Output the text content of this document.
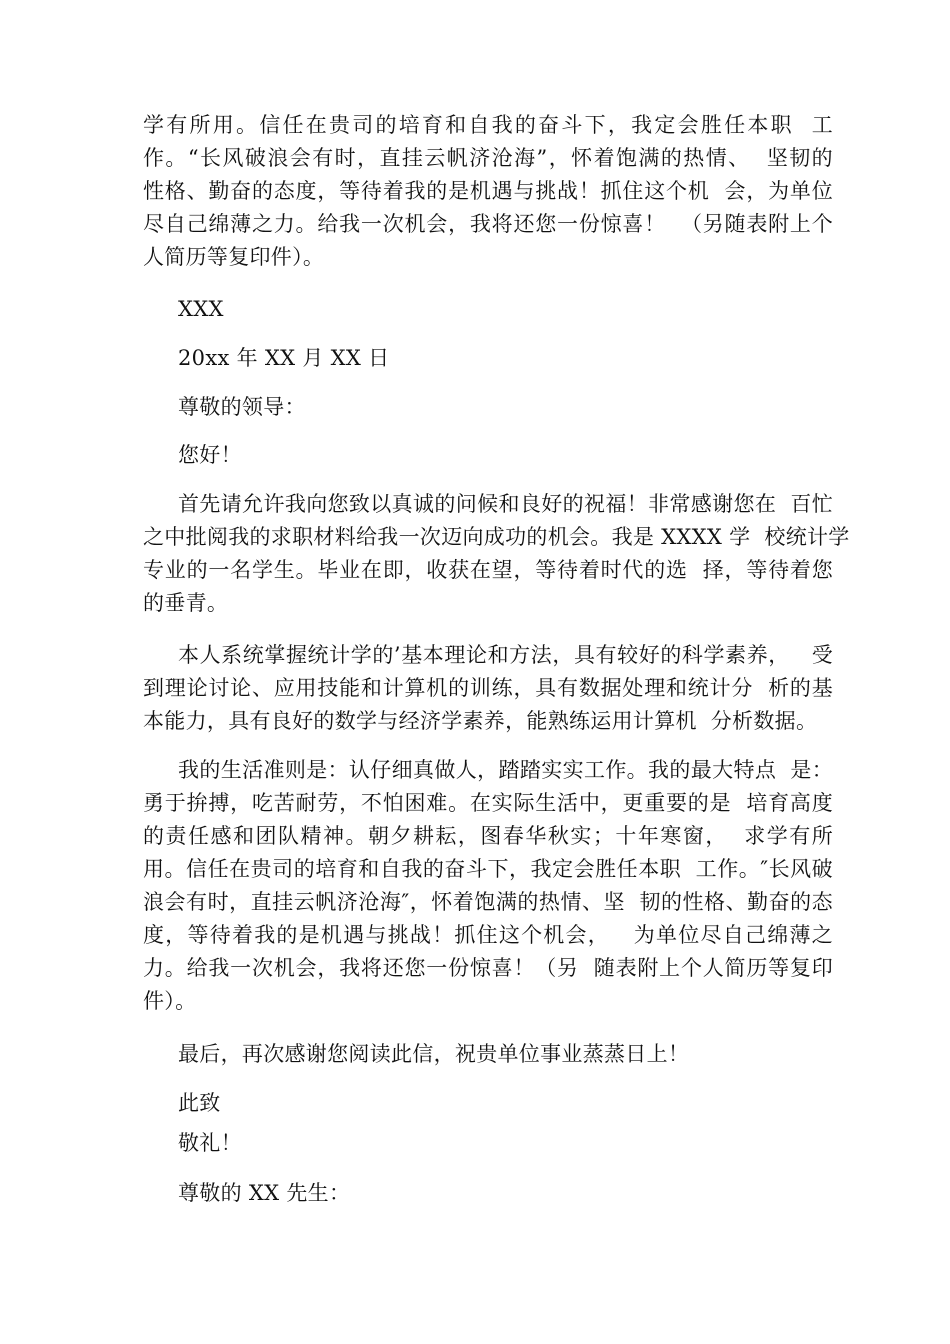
学有所用。信任在贵司的培育和自我的奋斗下，我定会胜任本职  工
作。“长风破浪会有时，直挂云帆济沧海”，怀着饱满的热情、  坚韧的
性格、勤奋的态度，等待着我的是机遇与挑战！抓住这个机  会，为单位
尽自己绵薄之力。给我一次机会，我将还您一份惊喜！  （另随表附上个
人简历等复印件）。
XXX
20xx 年 XX 月 XX 日
尊敬的领导：
您好！
首先请允许我向您致以真诚的问候和良好的祝福！非常感谢您在  百忙
之中批阅我的求职材料给我一次迈向成功的机会。我是 XXXX 学  校统计学
专业的一名学生。毕业在即，收获在望，等待着时代的选  择，等待着您
的垂青。
本人系统掌握统计学的’基本理论和方法，具有较好的科学素养，   受
到理论讨论、应用技能和计算机的训练，具有数据处理和统计分  析的基
本能力，具有良好的数学与经济学素养，能熟练运用计算机  分析数据。
我的生活准则是：认仔细真做人，踏踏实实工作。我的最大特点  是：
勇于拚搏，吃苦耐劳，不怕困难。在实际生活中，更重要的是  培育高度
的责任感和团队精神。朝夕耕耘，图春华秋实；十年寒窗，  求学有所
用。信任在贵司的培育和自我的奋斗下，我定会胜任本职  工作。″长风破
浪会有时，直挂云帆济沧海″，怀着饱满的热情、坚  韧的性格、勤奋的态
度，等待着我的是机遇与挑战！抓住这个机会，   为单位尽自己绵薄之
力。给我一次机会，我将还您一份惊喜！（另  随表附上个人简历等复印
件）。
最后，再次感谢您阅读此信，祝贵单位事业蒸蒸日上！
此致
敬礼！
尊敬的 XX 先生：
